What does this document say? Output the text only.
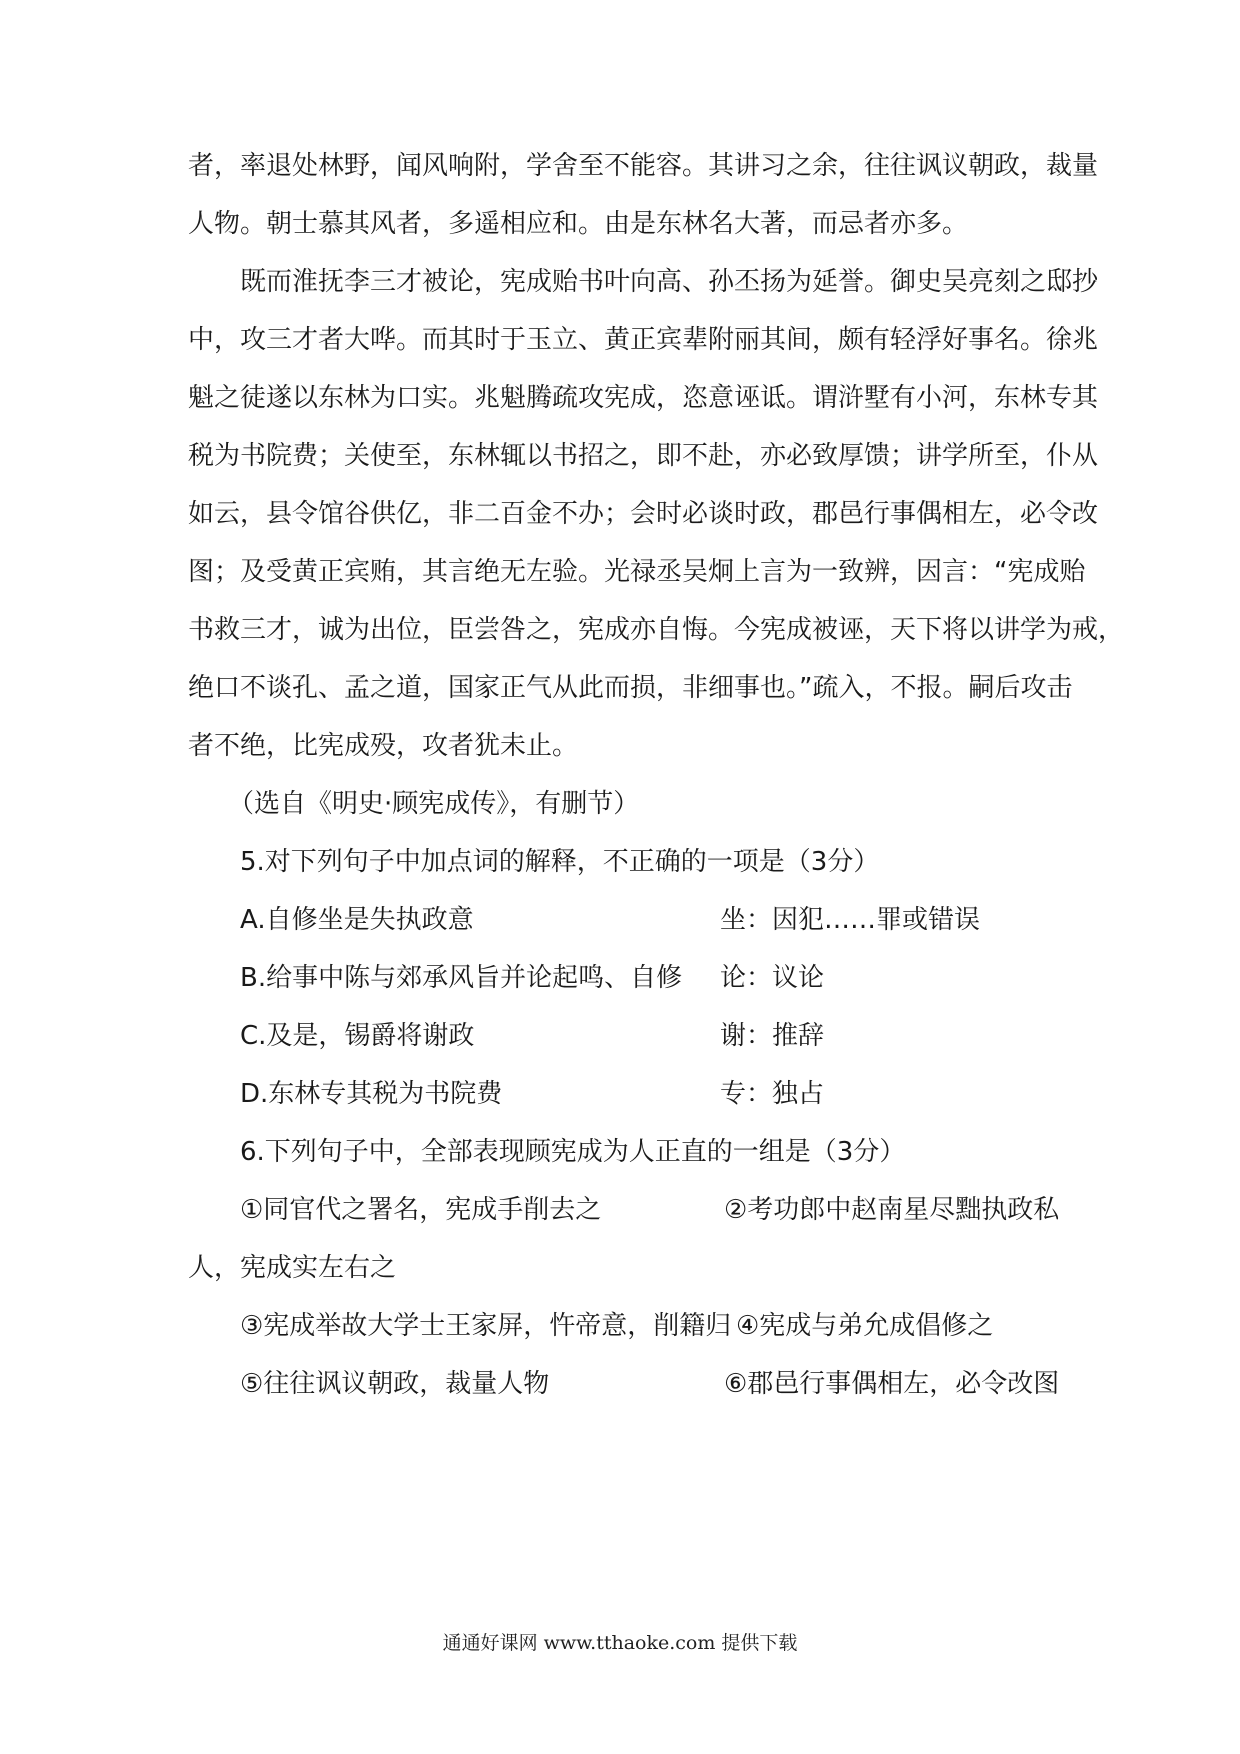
者，率退处林野，闻风响附，学舍至不能容。其讲习之余，往往讽议朝政，裁量
人物。朝士慕其风者，多遥相应和。由是东林名大著，而忌者亦多。
既而淮抚李三才被论，宪成贻书叶向高、孙丕扬为延誉。御史吴亮刻之邸抄
中，攻三才者大哗。而其时于玉立、黄正宾辈附丽其间，颇有轻浮好事名。徐兆
魁之徒遂以东林为口实。兆魁腾疏攻宪成，恣意诬诋。谓浒墅有小河，东林专其
税为书院费；关使至，东林辄以书招之，即不赴，亦必致厚馈；讲学所至，仆从
如云，县令馆谷供亿，非二百金不办；会时必谈时政，郡邑行事偶相左，必令改
图；及受黄正宾贿，其言绝无左验。光禄丞吴炯上言为一致辨，因言：“宪成贻
书救三才，诚为出位，臣尝咎之，宪成亦自悔。今宪成被诬，天下将以讲学为戒，
绝口不谈孔、孟之道，国家正气从此而损，非细事也。”疏入，不报。嗣后攻击
者不绝，比宪成殁，攻者犹未止。
（选自《明史·顾宪成传》，有删节）
5.对下列句子中加点词的解释，不正确的一项是（3分）
A.自修坐是失执政意	坐：因犯……罪或错误
B.给事中陈与郊承风旨并论起鸣、自修 论：议论
C.及是，锡爵将谢政	谢：推辞
D.东林专其税为书院费	专：独占
6.下列句子中，全部表现顾宪成为人正直的一组是（3分）
①同官代之署名，宪成手削去之	②考功郎中赵南星尽黜执政私
人，宪成实左右之
③宪成举故大学士王家屏，忤帝意，削籍归 ④宪成与弟允成倡修之
⑤往往讽议朝政，裁量人物	⑥郡邑行事偶相左，必令改图
通通好课网 www.tthaoke.com 提供下载
